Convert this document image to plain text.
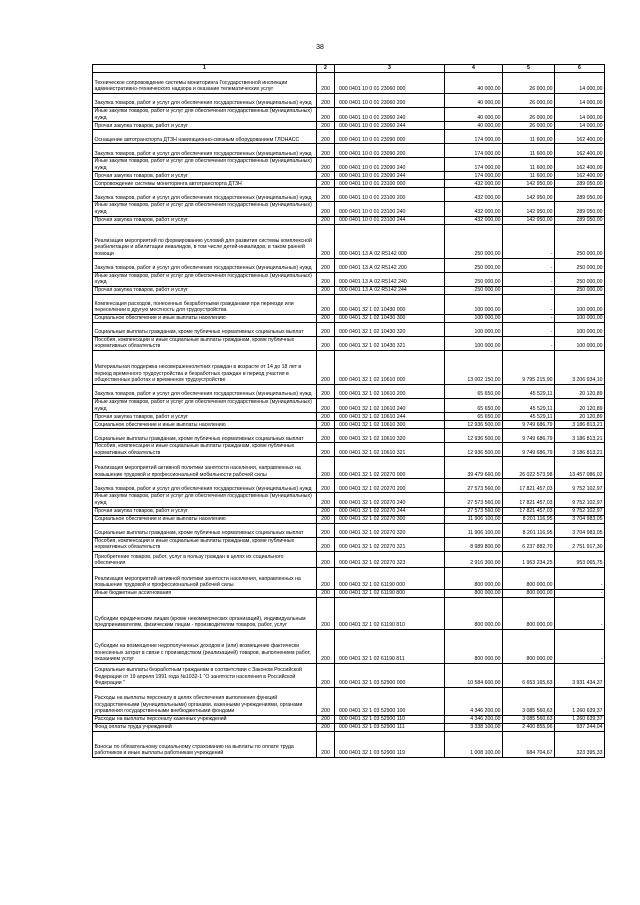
38
1	2	3	4	5	6
Техническое сопровождение системы мониторинга Государственной инспекции административно-технического надзора и оказание телематических услуг	200	000 0401 10 0 01 23060 000	40 000,00	26 000,00	14 000,00
Закупка товаров, работ и услуг для обеспечения государственных (муниципальных) нужд	200	000 0401 10 0 01 23060 200	40 000,00	26 000,00	14 000,00
Иные закупки товаров, работ и услуг для обеспечения государственных (муниципальных) нужд	200	000 0401 10 0 01 23060 240	40 000,00	26 000,00	14 000,00
Прочая закупка товаров, работ и услуг	200	000 0401 10 0 01 23060 244	40 000,00	26 000,00	14 000,00
Оснащение автотранспорта ДТЗН навигационно-связным оборудованием ГЛОНАСС	200	000 0401 10 0 01 23090 000	174 000,00	11 600,00	162 400,00
Закупка товаров, работ и услуг для обеспечения государственных (муниципальных) нужд	200	000 0401 10 0 01 23090 200	174 000,00	11 600,00	162 400,00
Иные закупки товаров, работ и услуг для обеспечения государственных (муниципальных) нужд	200	000 0401 10 0 01 23090 240	174 000,00	11 600,00	162 400,00
Прочая закупка товаров, работ и услуг	200	000 0401 10 0 01 23090 244	174 000,00	11 600,00	162 400,00
Сопровождение системы мониторинга автотранспорта ДТЗН	200	000 0401 10 0 01 23100 000	432 000,00	142 950,00	289 050,00
Закупка товаров, работ и услуг для обеспечения государственных (муниципальных) нужд	200	000 0401 10 0 01 23100 200	432 000,00	142 950,00	289 050,00
Иные закупки товаров, работ и услуг для обеспечения государственных (муниципальных) нужд	200	000 0401 10 0 01 23100 240	432 000,00	142 950,00	289 050,00
Прочая закупка товаров, работ и услуг	200	000 0401 10 0 01 23100 244	432 000,00	142 950,00	289 050,00
Реализация мероприятий по формированию условий для развития системы комплексной реабилитации и абилитации инвалидов, в том числе детей-инвалидов, в таком ранней помощи	200	000 0401 13 А 02 R5142 000	250 000,00	-	250 000,00
Закупка товаров, работ и услуг для обеспечения государственных (муниципальных) нужд	200	000 0401 13 А 02 R5142 200	250 000,00	-	250 000,00
Иные закупки товаров, работ и услуг для обеспечения государственных (муниципальных) нужд	200	000 0401 13 А 02 R5142 240	250 000,00	-	250 000,00
Прочая закупка товаров, работ и услуг	200	000 0401 13 А 02 R5142 244	250 000,00	-	250 000,00
Компенсация расходов, понесенных безработными гражданами при переезде или переселении в другую местность для трудоустройства	200	000 0401 32 1 02 10430 000	100 000,00	-	100 000,00
Социальное обеспечение и иные выплаты населению	200	000 0401 32 1 02 10430 300	100 000,00	-	100 000,00
Социальные выплаты гражданам, кроме публичных нормативных социальных выплат	200	000 0401 32 1 02 10430 320	100 000,00	-	100 000,00
Пособия, компенсации и иные социальные выплаты гражданам, кроме публичных нормативных обязательств	200	000 0401 32 1 02 10430 321	100 000,00	-	100 000,00
Материальная поддержка несовершеннолетних граждан в возрасте от 14 до 18 лет в период временного трудоустройства и безработных граждан в период участия в общественных работах и временном трудоустройстве	200	000 0401 32 1 02 10610 000	13 002 150,00	9 795 215,90	3 206 934,10
Закупка товаров, работ и услуг для обеспечения государственных (муниципальных) нужд	200	000 0401 32 1 02 10610 200	65 650,00	45 529,11	20 120,89
Иные закупки товаров, работ и услуг для обеспечения государственных (муниципальных) нужд	200	000 0401 32 1 02 10610 240	65 650,00	45 529,11	20 120,89
Прочая закупка товаров, работ и услуг	200	000 0401 32 1 02 10610 244	65 650,00	45 529,11	20 120,89
Социальное обеспечение и иные выплаты населению	200	000 0401 32 1 02 10610 300	12 936 500,00	9 749 686,79	3 186 813,21
Социальные выплаты гражданам, кроме публичных нормативных социальных выплат	200	000 0401 32 1 02 10610 320	12 936 500,00	9 749 686,79	3 186 813,21
Пособия, компенсации и иные социальные выплаты гражданам, кроме публичных нормативных обязательств	200	000 0401 32 1 02 10610 321	12 936 500,00	9 749 686,79	3 186 813,21
Реализация мероприятий активной политики занятости населения, направленных на повышение трудовой и профессиональной мобильности рабочей силы	200	000 0401 32 1 02 20270 000	39 479 660,00	26 022 573,98	13 457 086,02
Закупка товаров, работ и услуг для обеспечения государственных (муниципальных) нужд	200	000 0401 32 1 02 20270 200	27 573 560,00	17 821 457,03	9 752 102,97
Иные закупки товаров, работ и услуг для обеспечения государственных (муниципальных) нужд	200	000 0401 32 1 02 20270 240	27 573 560,00	17 821 457,03	9 752 102,97
Прочая закупка товаров, работ и услуг	200	000 0401 32 1 02 20270 244	27 573 560,00	17 821 457,03	9 752 102,97
Социальное обеспечение и иные выплаты населению	200	000 0401 32 1 02 20270 300	11 906 100,00	8 201 116,95	3 704 983,05
Социальные выплаты гражданам, кроме публичных нормативных социальных выплат	200	000 0401 32 1 02 20270 320	11 906 100,00	8 201 116,95	3 704 983,05
Пособия, компенсации и иные социальные выплаты гражданам, кроме публичных нормативных обязательств	200	000 0401 32 1 02 20270 321	8 989 800,00	6 237 882,70	2 751 917,30
Приобретение товаров, работ, услуг в пользу граждан в целях их социального обеспечения	200	000 0401 32 1 02 20270 323	2 916 300,00	1 963 234,25	953 065,75
Реализация мероприятий активной политики занятости населения, направленных на повышение трудовой и профессиональной рабочей силы	200	000 0401 32 1 02 61190 000	800 000,00	800 000,00	-
Иные бюджетные ассигнования	200	000 0401 32 1 02 61190 800	800 000,00	800 000,00	-
Субсидии юридическим лицам (кроме некоммерческих организаций), индивидуальным предпринимателям, физическим лицам - производителям товаров, работ, услуг	200	000 0401 32 1 02 61190 810	800 000,00	800 000,00	-
Субсидии на возмещение недополученных доходов и (или) возмещение фактически понесенных затрат в связи с производством (реализацией) товаров, выполнением работ, оказанием услуг	200	000 0401 32 1 02 61190 811	800 000,00	800 000,00	-
Социальные выплаты безработным гражданам в соответствии с Законом Российской Федерации от 19 апреля 1991 года №1032-1 "О занятости населения в Российской Федерации "	200	000 0401 32 1 03 52900 000	10 584 600,00	6 653 165,63	3 931 434,37
Расходы на выплаты персоналу в целях обеспечения выполнения функций государственными (муниципальными) органами, казенными учреждениями, органами управления государственными внебюджетными фондами	200	000 0401 32 1 03 52900 100	4 346 200,00	3 085 560,63	1 260 639,37
Расходы на выплаты персоналу казенных учреждений	200	000 0401 32 1 03 52900 110	4 346 200,00	3 085 560,63	1 260 639,37
Фонд оплаты труда учреждений	200	000 0401 32 1 03 52900 111	3 338 100,00	2 400 855,96	937 244,04
Взносы по обязательному социальному страхованию на выплаты по оплате труда работников и иные выплаты работникам учреждений	200	000 0401 32 1 03 52900 119	1 008 100,00	684 704,67	323 395,33
